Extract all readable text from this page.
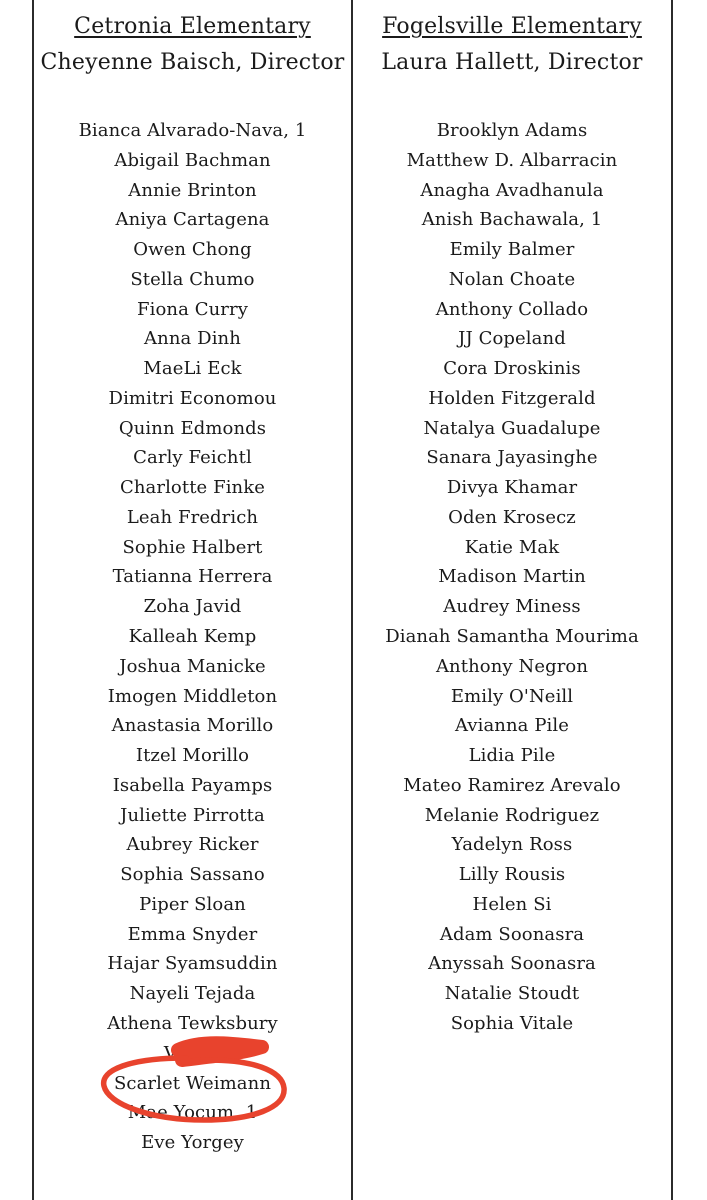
Cetronia Elementary
Cheyenne Baisch, Director
Bianca Alvarado-Nava, 1
Abigail Bachman
Annie Brinton
Aniya Cartagena
Owen Chong
Stella Chumo
Fiona Curry
Anna Dinh
MaeLi Eck
Dimitri Economou
Quinn Edmonds
Carly Feichtl
Charlotte Finke
Leah Fredrich
Sophie Halbert
Tatianna Herrera
Zoha Javid
Kalleah Kemp
Joshua Manicke
Imogen Middleton
Anastasia Morillo
Itzel Morillo
Isabella Payamps
Juliette Pirrotta
Aubrey Ricker
Sophia Sassano
Piper Sloan
Emma Snyder
Hajar Syamsuddin
Nayeli Tejada
Athena Tewksbury
Vivian
Scarlet Weimann
Mae Yocum, 1
Eve Yorgey
Fogelsville Elementary
Laura Hallett, Director
Brooklyn Adams
Matthew D. Albarracin
Anagha Avadhanula
Anish Bachawala, 1
Emily Balmer
Nolan Choate
Anthony Collado
JJ Copeland
Cora Droskinis
Holden Fitzgerald
Natalya Guadalupe
Sanara Jayasinghe
Divya Khamar
Oden Krosecz
Katie Mak
Madison Martin
Audrey Miness
Dianah Samantha Mourima
Anthony Negron
Emily O'Neill
Avianna Pile
Lidia Pile
Mateo Ramirez Arevalo
Melanie Rodriguez
Yadelyn Ross
Lilly Rousis
Helen Si
Adam Soonasra
Anyssah Soonasra
Natalie Stoudt
Sophia Vitale
